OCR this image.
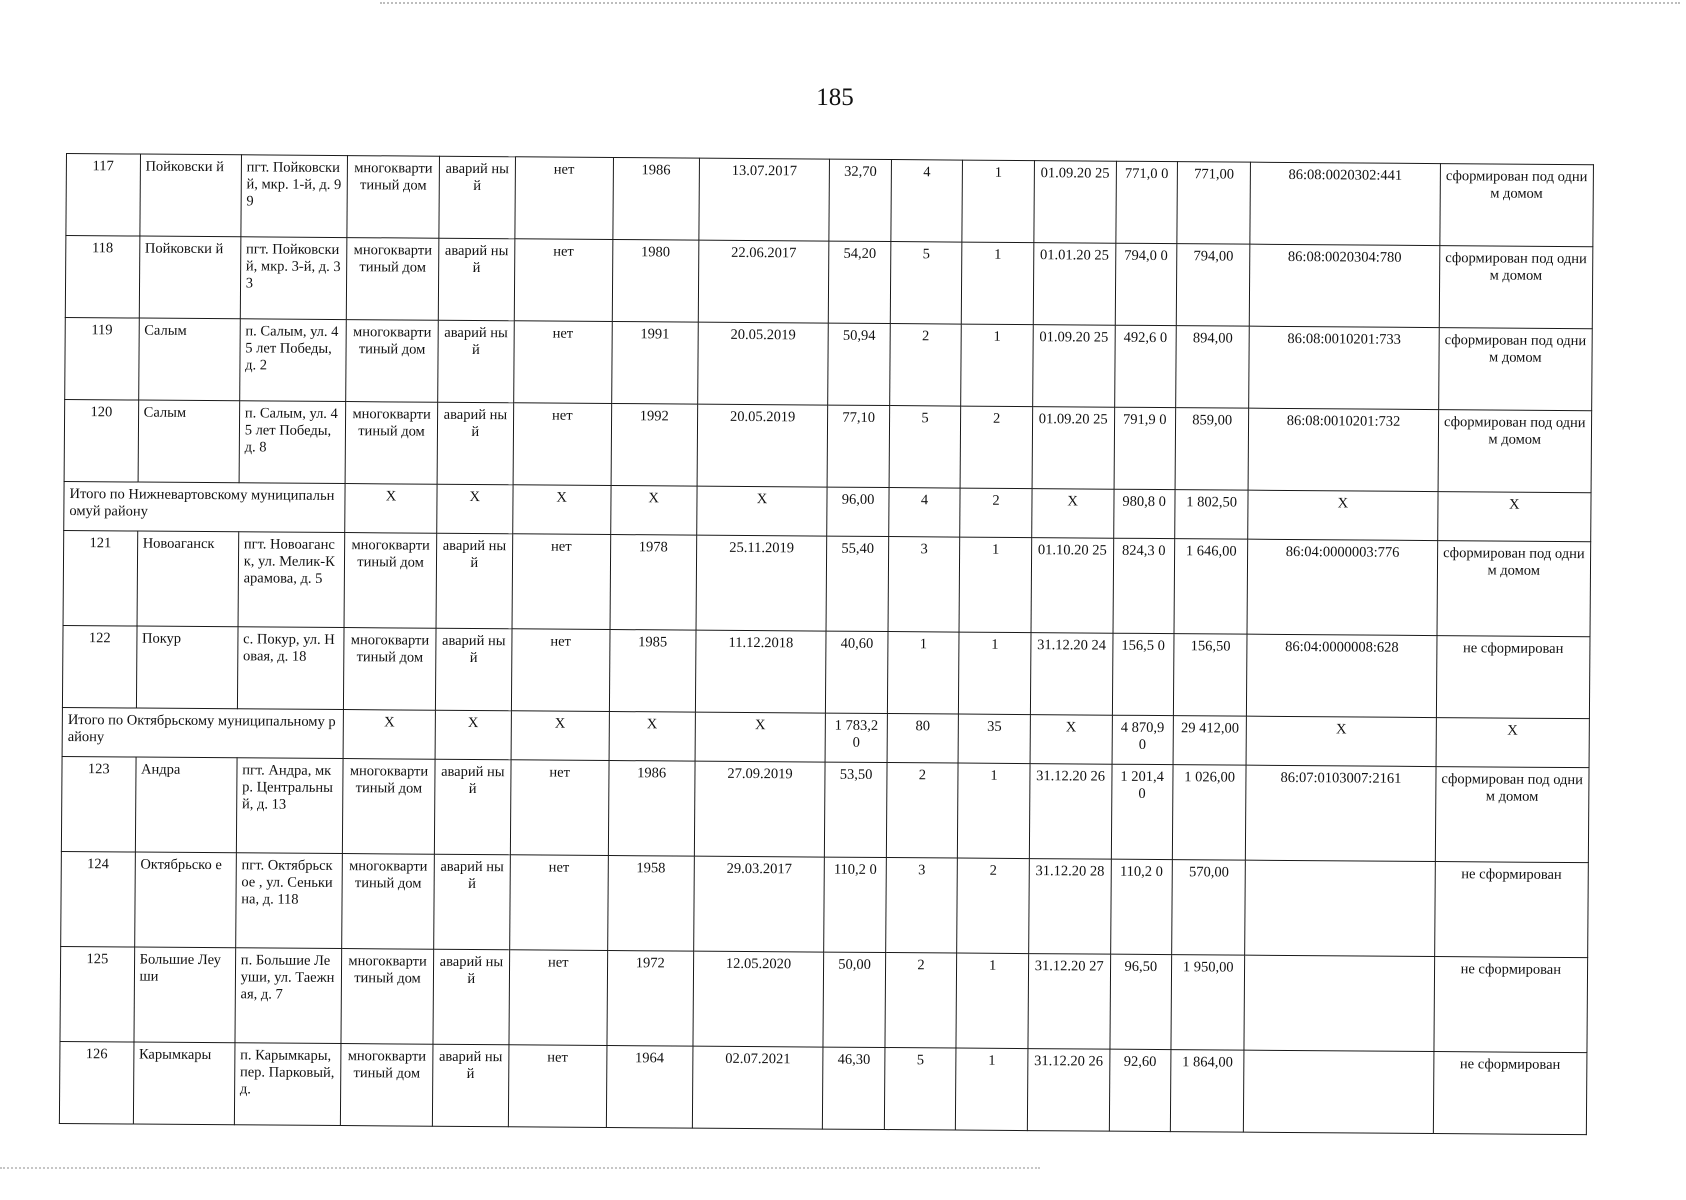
185
117	Пойковски й	пгт. Пойковский, мкр. 1-й, д. 99	многокварти тиный дом	аварий ный	нет	1986	13.07.2017	32,70	4	1	01.09.20 25	771,0 0	771,00	86:08:0020302:441	сформирован под одним домом
118	Пойковски й	пгт. Пойковский, мкр. 3-й, д. 33	многокварти тиный дом	аварий ный	нет	1980	22.06.2017	54,20	5	1	01.01.20 25	794,0 0	794,00	86:08:0020304:780	сформирован под одним домом
119	Салым	п. Салым, ул. 45 лет Победы, д. 2	многокварти тиный дом	аварий ный	нет	1991	20.05.2019	50,94	2	1	01.09.20 25	492,6 0	894,00	86:08:0010201:733	сформирован под одним домом
120	Салым	п. Салым, ул. 45 лет Победы, д. 8	многокварти тиный дом	аварий ный	нет	1992	20.05.2019	77,10	5	2	01.09.20 25	791,9 0	859,00	86:08:0010201:732	сформирован под одним домом
Итого по Нижневартовскому муниципальномуй району			X	X	X	X	X	96,00	4	2	X	980,8 0	1 802,50	X	X
121	Новоаганск	пгт. Новоаганск, ул. Мелик-Карамова, д. 5	многокварти тиный дом	аварий ный	нет	1978	25.11.2019	55,40	3	1	01.10.20 25	824,3 0	1 646,00	86:04:0000003:776	сформирован под одним домом
122	Покур	с. Покур, ул. Новая, д. 18	многокварти тиный дом	аварий ный	нет	1985	11.12.2018	40,60	1	1	31.12.20 24	156,5 0	156,50	86:04:0000008:628	не сформирован
Итого по Октябрьскому муниципальному району			X	X	X	X	X	1 783,2 0	80	35	X	4 870,9 0	29 412,00	X	X
123	Андра	пгт. Андра, мкр. Центральны й, д. 13	многокварти тиный дом	аварий ный	нет	1986	27.09.2019	53,50	2	1	31.12.20 26	1 201,4 0	1 026,00	86:07:0103007:2161	сформирован под одним домом
124	Октябрьско е	пгт. Октябрьское , ул. Сенькина, д. 118	многокварти тиный дом	аварий ный	нет	1958	29.03.2017	110,2 0	3	2	31.12.20 28	110,2 0	570,00		не сформирован
125	Большие Леуши	п. Большие Леуши, ул. Таежная, д. 7	многокварти тиный дом	аварий ный	нет	1972	12.05.2020	50,00	2	1	31.12.20 27	96,50	1 950,00		не сформирован
126	Карымкары	п. Карымкары, пер. Парковый, д.	многокварти тиный дом	аварий ный	нет	1964	02.07.2021	46,30	5	1	31.12.20 26	92,60	1 864,00		не сформирован
